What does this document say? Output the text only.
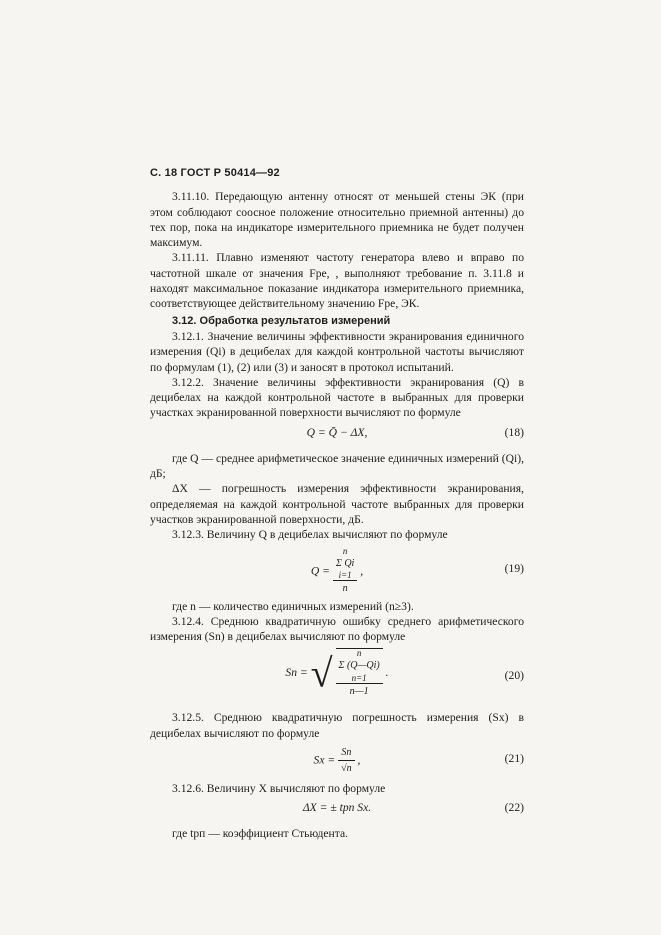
С. 18 ГОСТ Р 50414—92

3.11.10. Передающую антенну относят от меньшей стены ЭК (при этом соблюдают соосное положение относительно приемной антенны) до тех пор, пока на индикаторе измерительного приемника не будет получен максимум.

3.11.11. Плавно изменяют частоту генератора влево и вправо по частотной шкале от значения Fре, , выполняют требование п. 3.11.8 и находят максимальное показание индикатора измерительного приемника, соответствующее действительному значению Fре, ЭК.

3.12. Обработка результатов измерений

3.12.1. Значение величины эффективности экранирования единичного измерения (Qi) в децибелах для каждой контрольной частоты вычисляют по формулам (1), (2) или (3) и заносят в протокол испытаний.

3.12.2. Значение величины эффективности экранирования (Q) в децибелах на каждой контрольной частоте в выбранных для проверки участках экранированной поверхности вычисляют по формуле

Q = Q̄ − ΔX,	(18)

где Q — среднее арифметическое значение единичных измерений (Qi), дБ;

ΔX — погрешность измерения эффективности экранирования, определяемая на каждой контрольной частоте выбранных для проверки участков экранированной поверхности, дБ.

3.12.3. Величину Q в децибелах вычисляют по формуле

Q = n
Σ Qi
i=1
n ,	(19)

где n — количество единичных измерений (n≥3).

3.12.4. Среднюю квадратичную ошибку среднего арифметического измерения (Sn) в децибелах вычисляют по формуле

Sn = √ n
Σ (Q—Qi)
n=1
n—1 .	(20)

3.12.5. Среднюю квадратичную погрешность измерения (Sx) в децибелах вычисляют по формуле

$Sx = \frac{Sn}{√n}$ ,	(21)

3.12.6. Величину X вычисляют по формуле

ΔX = ± tрп Sx.	(22)

где tрп — коэффициент Стьюдента.
